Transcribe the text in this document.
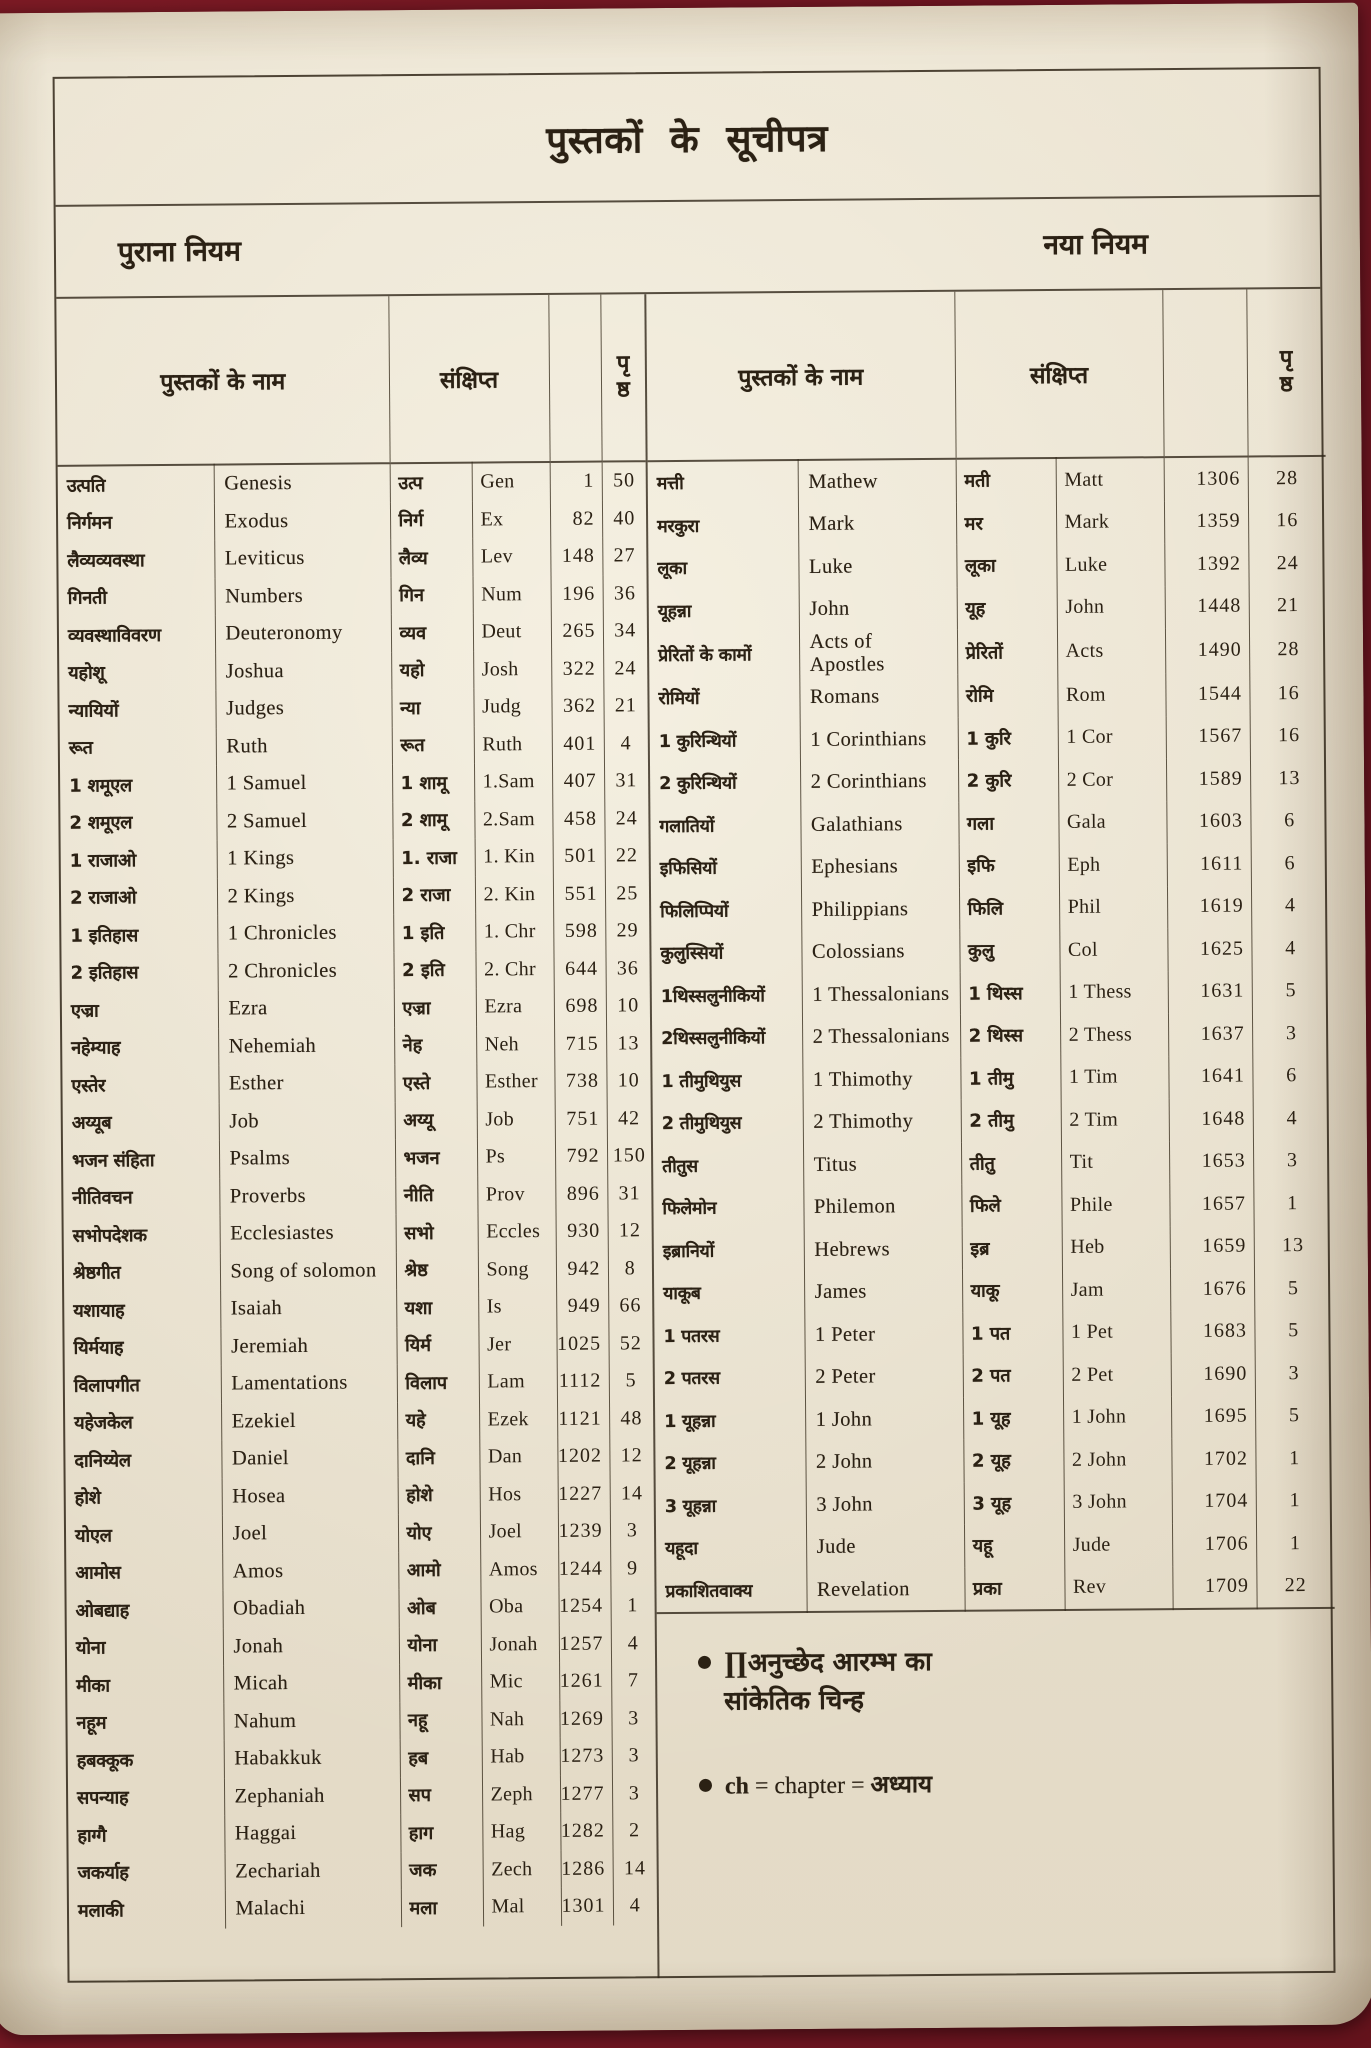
पुस्तकों के सूचीपत्र
पुराना नियम	नया नियम
पुस्तकों के नाम		संक्षिप्त			पृ
ष्ठ

उत्पति	Genesis	उत्प	Gen	1	50
निर्गमन	Exodus	निर्ग	Ex	82	40
लैव्यव्यवस्था	Leviticus	लैव्य	Lev	148	27
गिनती	Numbers	गिन	Num	196	36
व्यवस्थाविवरण	Deuteronomy	व्यव	Deut	265	34
यहोशू	Joshua	यहो	Josh	322	24
न्यायियों	Judges	न्या	Judg	362	21
रूत	Ruth	रूत	Ruth	401	4
1 शमूएल	1 Samuel	1 शामू	1.Sam	407	31
2 शमूएल	2 Samuel	2 शामू	2.Sam	458	24
1 राजाओ	1 Kings	1. राजा	1. Kin	501	22
2 राजाओ	2 Kings	2 राजा	2. Kin	551	25
1 इतिहास	1 Chronicles	1 इति	1. Chr	598	29
2 इतिहास	2 Chronicles	2 इति	2. Chr	644	36
एज्रा	Ezra	एज्रा	Ezra	698	10
नहेम्याह	Nehemiah	नेह	Neh	715	13
एस्तेर	Esther	एस्ते	Esther	738	10
अय्यूब	Job	अय्यू	Job	751	42
भजन संहिता	Psalms	भजन	Ps	792	150
नीतिवचन	Proverbs	नीति	Prov	896	31
सभोपदेशक	Ecclesiastes	सभो	Eccles	930	12
श्रेष्ठगीत	Song of solomon	श्रेष्ठ	Song	942	8
यशायाह	Isaiah	यशा	Is	949	66
यिर्मयाह	Jeremiah	यिर्म	Jer	1025	52
विलापगीत	Lamentations	विलाप	Lam	1112	5
यहेजकेल	Ezekiel	यहे	Ezek	1121	48
दानिय्येल	Daniel	दानि	Dan	1202	12
होशे	Hosea	होशे	Hos	1227	14
योएल	Joel	योए	Joel	1239	3
आमोस	Amos	आमो	Amos	1244	9
ओबद्याह	Obadiah	ओब	Oba	1254	1
योना	Jonah	योना	Jonah	1257	4
मीका	Micah	मीका	Mic	1261	7
नहूम	Nahum	नहू	Nah	1269	3
हबक्कूक	Habakkuk	हब	Hab	1273	3
सपन्याह	Zephaniah	सप	Zeph	1277	3
हाग्गै	Haggai	हाग	Hag	1282	2
जकर्याह	Zechariah	जक	Zech	1286	14
मलाकी	Malachi	मला	Mal	1301	4
पुस्तकों के नाम		संक्षिप्त			पृ
ष्ठ

मत्ती	Mathew	मती	Matt	1306	28
मरकुरा	Mark	मर	Mark	1359	16
लूका	Luke	लूका	Luke	1392	24
यूहन्ना	John	यूह	John	1448	21
प्रेरितों के कामों	Acts of
Apostles	प्रेरितों	Acts	1490	28
रोमियों	Romans	रोमि	Rom	1544	16
1 कुरिन्थियों	1 Corinthians	1 कुरि	1 Cor	1567	16
2 कुरिन्थियों	2 Corinthians	2 कुरि	2 Cor	1589	13
गलातियों	Galathians	गला	Gala	1603	6
इफिसियों	Ephesians	इफि	Eph	1611	6
फिलिप्पियों	Philippians	फिलि	Phil	1619	4
कुलुस्सियों	Colossians	कुलु	Col	1625	4
1थिस्सलुनीकियों	1 Thessalonians	1 थिस्स	1 Thess	1631	5
2थिस्सलुनीकियों	2 Thessalonians	2 थिस्स	2 Thess	1637	3
1 तीमुथियुस	1 Thimothy	1 तीमु	1 Tim	1641	6
2 तीमुथियुस	2 Thimothy	2 तीमु	2 Tim	1648	4
तीतुस	Titus	तीतु	Tit	1653	3
फिलेमोन	Philemon	फिले	Phile	1657	1
इब्रानियों	Hebrews	इब्र	Heb	1659	13
याकूब	James	याकू	Jam	1676	5
1 पतरस	1 Peter	1 पत	1 Pet	1683	5
2 पतरस	2 Peter	2 पत	2 Pet	1690	3
1 यूहन्ना	1 John	1 यूह	1 John	1695	5
2 यूहन्ना	2 John	2 यूह	2 John	1702	1
3 यूहन्ना	3 John	3 यूह	3 John	1704	1
यहूदा	Jude	यहू	Jude	1706	1
प्रकाशितवाक्य	Revelation	प्रका	Rev	1709	22
● ∏अनुच्छेद आरम्भ का
सांकेतिक चिन्ह
● ch = chapter = अध्याय
